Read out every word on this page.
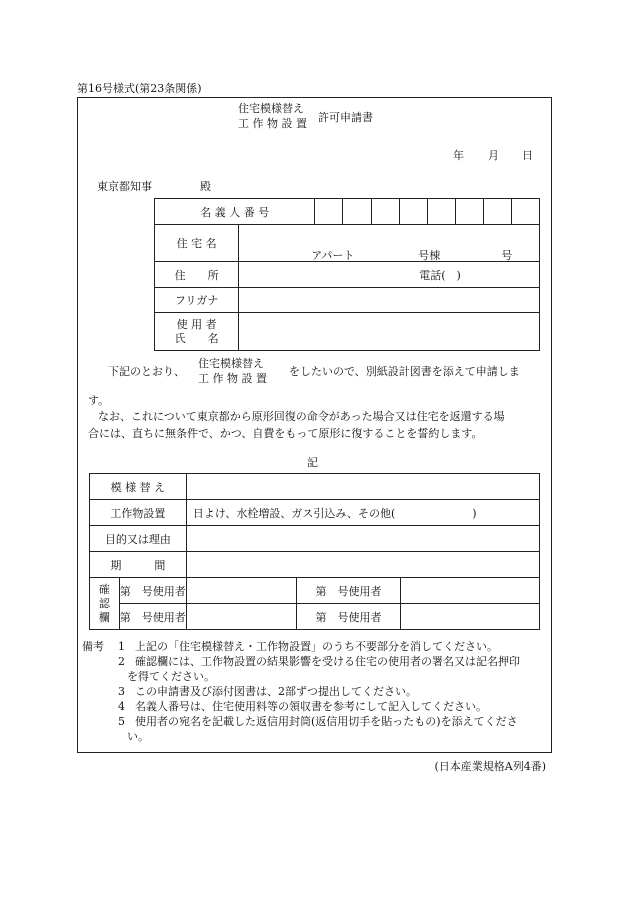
第16号様式(第23条関係)
住宅模様替え
工 作 物 設 置 許可申請書
年 月 日
東京都知事	殿
名 義 人 番 号									
住 宅 名	アパート 号棟 号								

住　　所	電話(　)								

フリガナ									

使 用 者
氏　　名									

下記のとおり、
住宅模様替え
工 作 物 設 置
をしたいので、別紙設計図書を添えて申請しま
す。
なお、これについて東京都から原形回復の命令があった場合又は住宅を返還する場
合には、直ちに無条件で、かつ、自費をもって原形に復することを誓約します。
記
模 様 替 え				
工作物設置		日よけ、水栓増設、ガス引込み、その他(　　　　　　　)		
目的又は理由				
期　　　間				

確認欄	第　号使用者		第　号使用者	
	第　号使用者		第　号使用者	
備考 1 上記の「住宅模様替え・工作物設置」のうち不要部分を消してください。
2 確認欄には、工作物設置の結果影響を受ける住宅の使用者の署名又は記名押印
を得てください。
3 この申請書及び添付図書は、2部ずつ提出してください。
4 名義人番号は、住宅使用料等の領収書を参考にして記入してください。
5 使用者の宛名を記載した返信用封筒(返信用切手を貼ったもの)を添えてくださ
い。
(日本産業規格A列4番)
